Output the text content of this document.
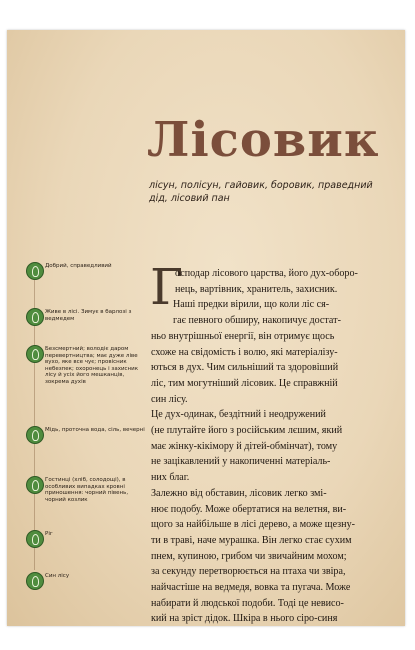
Лісовик
лісун, полісун, гайовик, боровик, праведний дід, лісовий пан
Добрий, справедливий
Живе в лісі. Зимує в барлозі з ведмедем
Безсмертний; володіє даром перевертництва; має дуже ліве вухо, яке все чує; провісник небезпек; охоронець і захисник лісу й усіх його мешканців, зокрема духів
Мідь, проточна вода, сіль, вечерні
Гостинці (хліб, солодощі), в особливих випадках кровні приношення: чорний півень, чорний козлик
Ріг
Син лісу
Г
осподар лісового царства, його дух-оборо-
нець, вартівник, хранитель, захисник.
Наші предки вірили, що коли ліс ся-
гає певного обширу, накопичує достат-
ньо внутрішньої енергії, він отримує щось
схоже на свідомість і волю, які матеріалізу-
ються в дух. Чим сильніший та здоровіший
ліс, тим могутніший лісовик. Це справжній
син лісу.
Це дух-одинак, бездітний і неодружений
(не плутайте його з російським лєшим, який
має жінку-кікімору й дітей-обмінчат), тому
не зацікавлений у накопиченні матеріаль-
них благ.
Залежно від обставин, лісовик легко змі-
нює подобу. Може обертатися на велетня, ви-
щого за найбільше в лісі дерево, а може щезну-
ти в траві, наче мурашка. Він легко стає сухим
пнем, купиною, грибом чи звичайним мохом;
за секунду перетворюється на птаха чи звіра,
найчастіше на ведмедя, вовка та пугача. Може
набирати й людської подоби. Тоді це невисо-
кий на зріст дідок. Шкіра в нього сіро-синя
